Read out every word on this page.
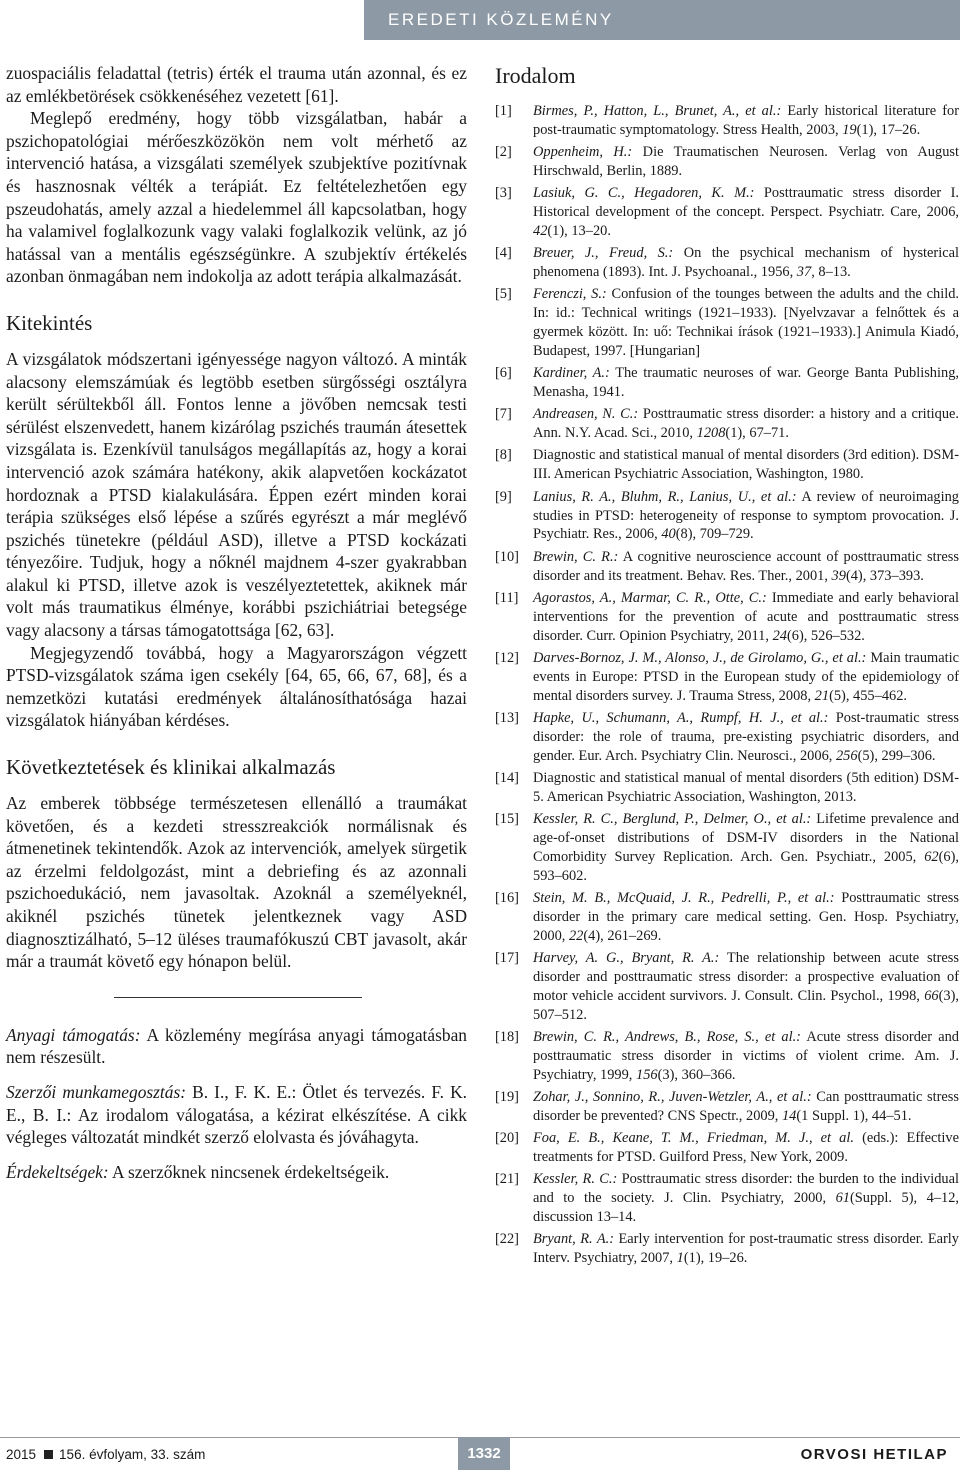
EREDETI KÖZLEMÉNY

zuospaciális feladattal (tetris) érték el trauma után azonnal, és ez az emlékbetörések csökkenéséhez vezetett [61].

Meglepő eredmény, hogy több vizsgálatban, habár a pszichopatológiai mérőeszközökön nem volt mérhető az intervenció hatása, a vizsgálati személyek szubjektíve pozitívnak és hasznosnak vélték a terápiát. Ez feltételezhetően egy pszeudohatás, amely azzal a hiedelemmel áll kapcsolatban, hogy ha valamivel foglalkozunk vagy valaki foglalkozik velünk, az jó hatással van a mentális egészségünkre. A szubjektív értékelés azonban önmagában nem indokolja az adott terápia alkalmazását.

Kitekintés

A vizsgálatok módszertani igényessége nagyon változó. A minták alacsony elemszámúak és legtöbb esetben sürgősségi osztályra került sérültekből áll. Fontos lenne a jövőben nemcsak testi sérülést elszenvedett, hanem kizárólag pszichés traumán átesettek vizsgálata is. Ezenkívül tanulságos megállapítás az, hogy a korai intervenció azok számára hatékony, akik alapvetően kockázatot hordoznak a PTSD kialakulására. Éppen ezért minden korai terápia szükséges első lépése a szűrés egyrészt a már meglévő pszichés tünetekre (például ASD), illetve a PTSD kockázati tényezőire. Tudjuk, hogy a nőknél majdnem 4-szer gyakrabban alakul ki PTSD, illetve azok is veszélyeztetettek, akiknek már volt más traumatikus élménye, korábbi pszichiátriai betegsége vagy alacsony a társas támogatottsága [62, 63].

Megjegyzendő továbbá, hogy a Magyarországon végzett PTSD-vizsgálatok száma igen csekély [64, 65, 66, 67, 68], és a nemzetközi kutatási eredmények általánosíthatósága hazai vizsgálatok hiányában kérdéses.

Következtetések és klinikai alkalmazás

Az emberek többsége természetesen ellenálló a traumákat követően, és a kezdeti stresszreakciók normálisnak és átmenetinek tekintendők. Azok az intervenciók, amelyek sürgetik az érzelmi feldolgozást, mint a debriefing és az azonnali pszichoedukáció, nem javasoltak. Azoknál a személyeknél, akiknél pszichés tünetek jelentkeznek vagy ASD diagnosztizálható, 5–12 üléses traumafókuszú CBT javasolt, akár már a traumát követő egy hónapon belül.

Anyagi támogatás: A közlemény megírása anyagi támogatásban nem részesült.

Szerzői munkamegosztás: B. I., F. K. E.: Ötlet és tervezés. F. K. E., B. I.: Az irodalom válogatása, a kézirat elkészítése. A cikk végleges változatát mindkét szerző elolvasta és jóváhagyta.

Érdekeltségek: A szerzőknek nincsenek érdekeltségeik.

Irodalom
[1]	Birmes, P., Hatton, L., Brunet, A., et al.: Early historical literature for post-traumatic symptomatology. Stress Health, 2003, 19(1), 17–26.
[2]	Oppenheim, H.: Die Traumatischen Neurosen. Verlag von August Hirschwald, Berlin, 1889.
[3]	Lasiuk, G. C., Hegadoren, K. M.: Posttraumatic stress disorder I. Historical development of the concept. Perspect. Psychiatr. Care, 2006, 42(1), 13–20.
[4]	Breuer, J., Freud, S.: On the psychical mechanism of hysterical phenomena (1893). Int. J. Psychoanal., 1956, 37, 8–13.
[5]	Ferenczi, S.: Confusion of the tounges between the adults and the child. In: id.: Technical writings (1921–1933). [Nyelvzavar a felnőttek és a gyermek között. In: uő: Technikai írások (1921–1933).] Animula Kiadó, Budapest, 1997. [Hungarian]
[6]	Kardiner, A.: The traumatic neuroses of war. George Banta Publishing, Menasha, 1941.
[7]	Andreasen, N. C.: Posttraumatic stress disorder: a history and a critique. Ann. N.Y. Acad. Sci., 2010, 1208(1), 67–71.
[8]	Diagnostic and statistical manual of mental disorders (3rd edition). DSM-III. American Psychiatric Association, Washington, 1980.
[9]	Lanius, R. A., Bluhm, R., Lanius, U., et al.: A review of neuroimaging studies in PTSD: heterogeneity of response to symptom provocation. J. Psychiatr. Res., 2006, 40(8), 709–729.
[10] Brewin, C. R.: A cognitive neuroscience account of posttraumatic stress disorder and its treatment. Behav. Res. Ther., 2001, 39(4), 373–393.
[11]	Agorastos, A., Marmar, C. R., Otte, C.: Immediate and early behavioral interventions for the prevention of acute and posttraumatic stress disorder. Curr. Opinion Psychiatry, 2011, 24(6), 526–532.
[12] Darves-Bornoz, J. M., Alonso, J., de Girolamo, G., et al.: Main traumatic events in Europe: PTSD in the European study of the epidemiology of mental disorders survey. J. Trauma Stress, 2008, 21(5), 455–462.
[13] Hapke, U., Schumann, A., Rumpf, H. J., et al.: Post-traumatic stress disorder: the role of trauma, pre-existing psychiatric disorders, and gender. Eur. Arch. Psychiatry Clin. Neurosci., 2006, 256(5), 299–306.
[14] Diagnostic and statistical manual of mental disorders (5th edition) DSM-5. American Psychiatric Association, Washington, 2013.
[15] Kessler, R. C., Berglund, P., Delmer, O., et al.: Lifetime prevalence and age-of-onset distributions of DSM-IV disorders in the National Comorbidity Survey Replication. Arch. Gen. Psychiatr., 2005, 62(6), 593–602.
[16] Stein, M. B., McQuaid, J. R., Pedrelli, P., et al.: Posttraumatic stress disorder in the primary care medical setting. Gen. Hosp. Psychiatry, 2000, 22(4), 261–269.
[17] Harvey, A. G., Bryant, R. A.: The relationship between acute stress disorder and posttraumatic stress disorder: a prospective evaluation of motor vehicle accident survivors. J. Consult. Clin. Psychol., 1998, 66(3), 507–512.
[18] Brewin, C. R., Andrews, B., Rose, S., et al.: Acute stress disorder and posttraumatic stress disorder in victims of violent crime. Am. J. Psychiatry, 1999, 156(3), 360–366.
[19] Zohar, J., Sonnino, R., Juven-Wetzler, A., et al.: Can posttraumatic stress disorder be prevented? CNS Spectr., 2009, 14(1 Suppl. 1), 44–51.
[20] Foa, E. B., Keane, T. M., Friedman, M. J., et al. (eds.): Effective treatments for PTSD. Guilford Press, New York, 2009.
[21] Kessler, R. C.: Posttraumatic stress disorder: the burden to the individual and to the society. J. Clin. Psychiatry, 2000, 61(Suppl. 5), 4–12, discussion 13–14.
[22] Bryant, R. A.: Early intervention for post-traumatic stress disorder. Early Interv. Psychiatry, 2007, 1(1), 19–26.
2015 156. évfolyam, 33. szám	1332	ORVOSI HETILAP
